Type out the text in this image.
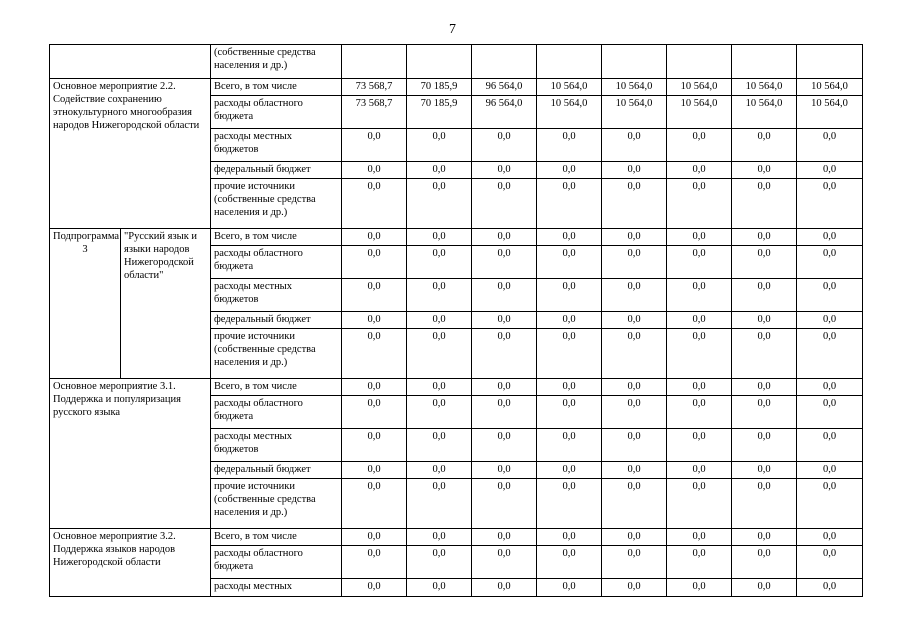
7
		(собственные средства населения и др.)								
Основное мероприятие 2.2. Содействие сохранению этнокультурного многообразия народов Нижегородской области		Всего, в том числе	73 568,7	70 185,9	96 564,0	10 564,0	10 564,0	10 564,0	10 564,0	10 564,0
		расходы областного бюджета	73 568,7	70 185,9	96 564,0	10 564,0	10 564,0	10 564,0	10 564,0	10 564,0
		расходы местных бюджетов	0,0	0,0	0,0	0,0	0,0	0,0	0,0	0,0
		федеральный бюджет	0,0	0,0	0,0	0,0	0,0	0,0	0,0	0,0
		прочие источники (собственные средства населения и др.)	0,0	0,0	0,0	0,0	0,0	0,0	0,0	0,0
Подпрограмма 3	"Русский язык и языки народов Нижегородской области"	Всего, в том числе	0,0	0,0	0,0	0,0	0,0	0,0	0,0	0,0
		расходы областного бюджета	0,0	0,0	0,0	0,0	0,0	0,0	0,0	0,0
		расходы местных бюджетов	0,0	0,0	0,0	0,0	0,0	0,0	0,0	0,0
		федеральный бюджет	0,0	0,0	0,0	0,0	0,0	0,0	0,0	0,0
		прочие источники (собственные средства населения и др.)	0,0	0,0	0,0	0,0	0,0	0,0	0,0	0,0
Основное мероприятие 3.1. Поддержка и популяризация русского языка		Всего, в том числе	0,0	0,0	0,0	0,0	0,0	0,0	0,0	0,0
		расходы областного бюджета	0,0	0,0	0,0	0,0	0,0	0,0	0,0	0,0
		расходы местных бюджетов	0,0	0,0	0,0	0,0	0,0	0,0	0,0	0,0
		федеральный бюджет	0,0	0,0	0,0	0,0	0,0	0,0	0,0	0,0
		прочие источники (собственные средства населения и др.)	0,0	0,0	0,0	0,0	0,0	0,0	0,0	0,0
Основное мероприятие 3.2. Поддержка языков народов Нижегородской области		Всего, в том числе	0,0	0,0	0,0	0,0	0,0	0,0	0,0	0,0
		расходы областного бюджета	0,0	0,0	0,0	0,0	0,0	0,0	0,0	0,0
		расходы местных	0,0	0,0	0,0	0,0	0,0	0,0	0,0	0,0
